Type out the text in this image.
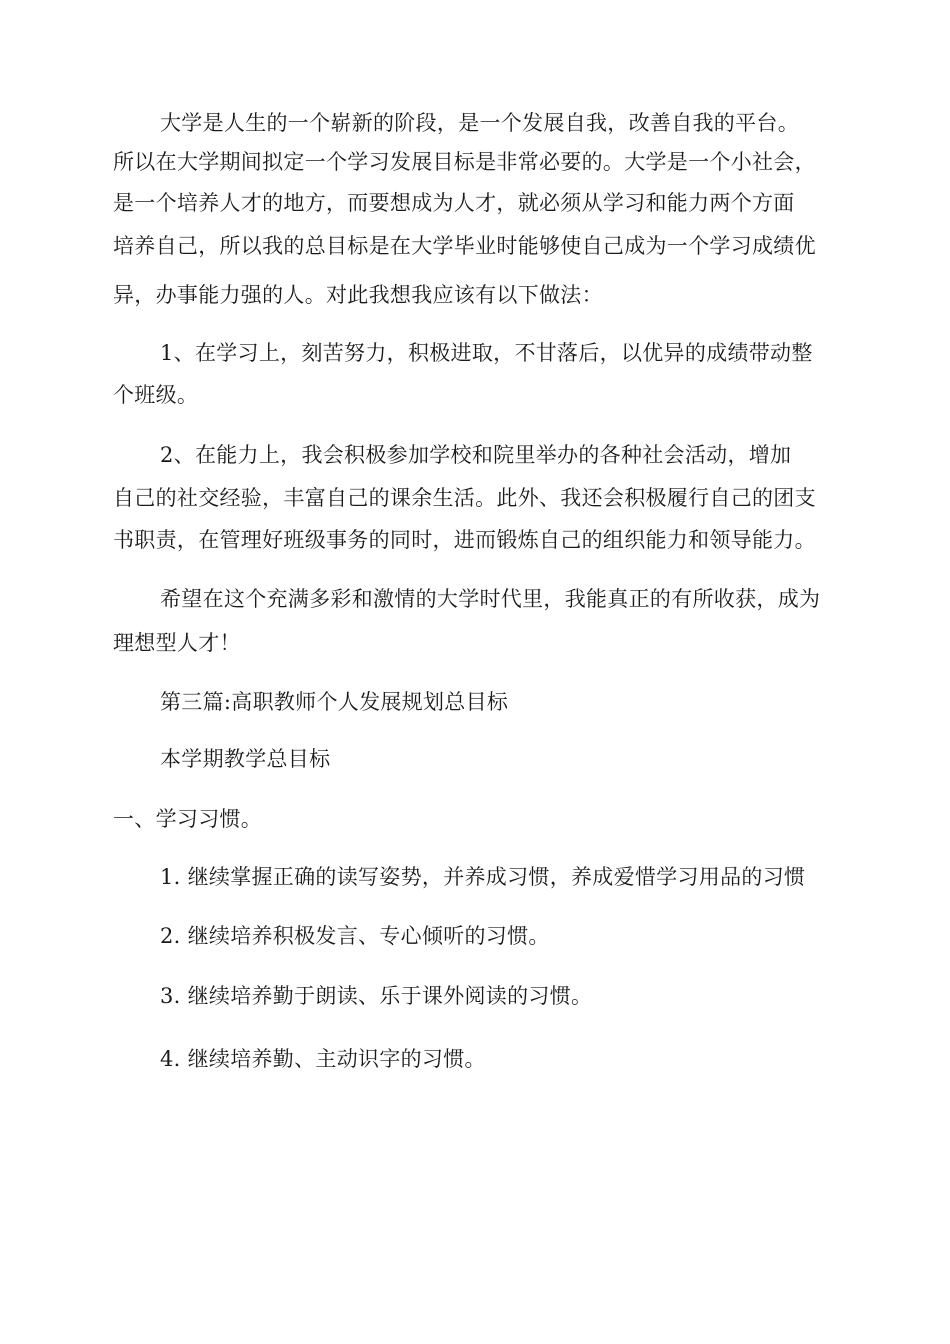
大学是人生的一个崭新的阶段，是一个发展自我，改善自我的平台。
所以在大学期间拟定一个学习发展目标是非常必要的。大学是一个小社会，
是一个培养人才的地方，而要想成为人才，就必须从学习和能力两个方面
培养自己，所以我的总目标是在大学毕业时能够使自己成为一个学习成绩优
异，办事能力强的人。对此我想我应该有以下做法：
1、在学习上，刻苦努力，积极进取，不甘落后，以优异的成绩带动整
个班级。
2、在能力上，我会积极参加学校和院里举办的各种社会活动，增加
自己的社交经验，丰富自己的课余生活。此外、我还会积极履行自己的团支
书职责，在管理好班级事务的同时，进而锻炼自己的组织能力和领导能力。
希望在这个充满多彩和激情的大学时代里，我能真正的有所收获，成为
理想型人才！
第三篇:高职教师个人发展规划总目标
本学期教学总目标
一、学习习惯。
1. 继续掌握正确的读写姿势，并养成习惯，养成爱惜学习用品的习惯
2. 继续培养积极发言、专心倾听的习惯。
3. 继续培养勤于朗读、乐于课外阅读的习惯。
4. 继续培养勤、主动识字的习惯。
